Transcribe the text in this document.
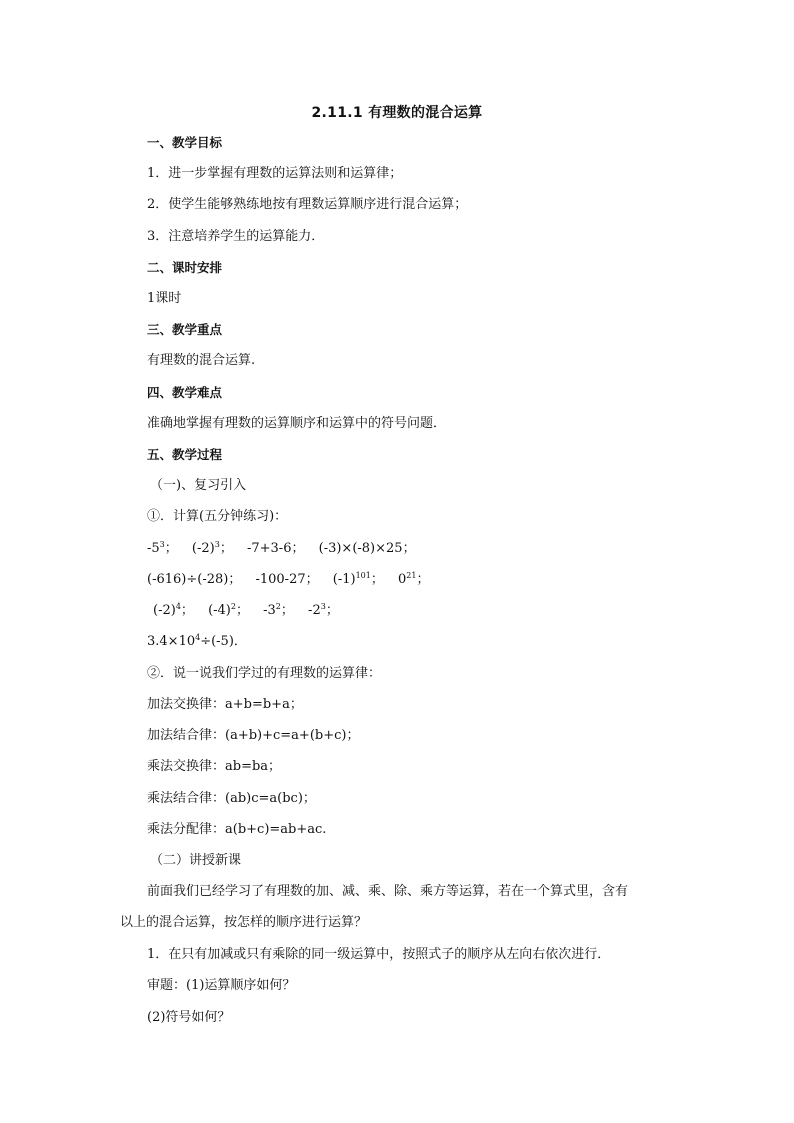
2.11.1 有理数的混合运算
一、教学目标
1．进一步掌握有理数的运算法则和运算律；
2．使学生能够熟练地按有理数运算顺序进行混合运算；
3．注意培养学生的运算能力．
二、课时安排
1课时
三、教学重点
有理数的混合运算.
四、教学难点
准确地掌握有理数的运算顺序和运算中的符号问题．
五、教学过程
（一)、复习引入
①．计算(五分钟练习)：
$-5^3$； $(-2)^3$； -7+3-6； (-3)×(-8)×25；
(-616)÷(-28)； -100-27； $(-1)^{101}$； $0^{21}$；
$(-2)^4$； $(-4)^2$； $-3^2$； $-2^3$；
$3.4\times 10^4\div(-5)$．
②．说一说我们学过的有理数的运算律：
加法交换律：a+b=b+a；
加法结合律：(a+b)+c=a+(b+c)；
乘法交换律：ab=ba；
乘法结合律：(ab)c=a(bc)；
乘法分配律：a(b+c)=ab+ac.
（二）讲授新课
前面我们已经学习了有理数的加、减、乘、除、乘方等运算，若在一个算式里，含有以上的混合运算，按怎样的顺序进行运算？
1．在只有加减或只有乘除的同一级运算中，按照式子的顺序从左向右依次进行．
审题：(1)运算顺序如何？
(2)符号如何？
